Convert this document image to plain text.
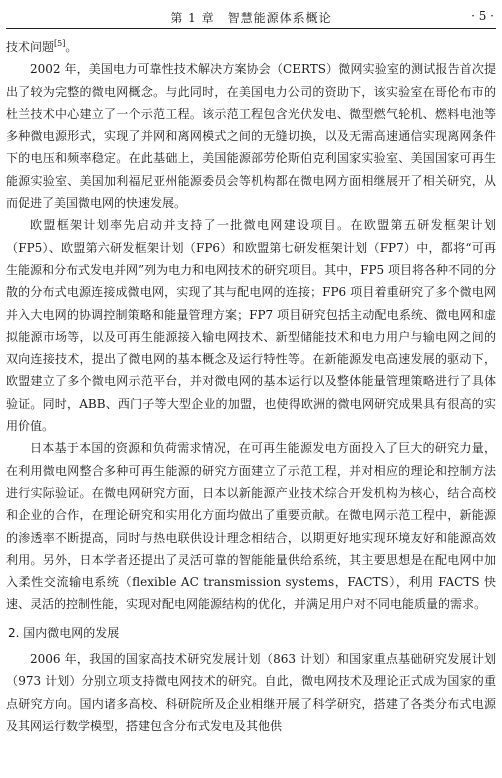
第 1 章　智慧能源体系概论	· 5 ·

技术问题[5]。

2002 年，美国电力可靠性技术解决方案协会（CERTS）微网实验室的测试报告首次提出了较为完整的微电网概念。与此同时，在美国电力公司的资助下，该实验室在哥伦布市的杜兰技术中心建立了一个示范工程。该示范工程包含光伏发电、微型燃气轮机、燃料电池等多种微电源形式，实现了并网和离网模式之间的无缝切换，以及无需高速通信实现离网条件下的电压和频率稳定。在此基础上，美国能源部劳伦斯伯克利国家实验室、美国国家可再生能源实验室、美国加利福尼亚州能源委员会等机构都在微电网方面相继展开了相关研究，从而促进了美国微电网的快速发展。

欧盟框架计划率先启动并支持了一批微电网建设项目。在欧盟第五研发框架计划（FP5）、欧盟第六研发框架计划（FP6）和欧盟第七研发框架计划（FP7）中，都将“可再生能源和分布式发电并网”列为电力和电网技术的研究项目。其中，FP5 项目将各种不同的分散的分布式电源连接成微电网，实现了其与配电网的连接；FP6 项目着重研究了多个微电网并入大电网的协调控制策略和能量管理方案；FP7 项目研究包括主动配电系统、微电网和虚拟能源市场等，以及可再生能源接入输电网技术、新型储能技术和电力用户与输电网之间的双向连接技术，提出了微电网的基本概念及运行特性等。在新能源发电高速发展的驱动下，欧盟建立了多个微电网示范平台，并对微电网的基本运行以及整体能量管理策略进行了具体验证。同时，ABB、西门子等大型企业的加盟，也使得欧洲的微电网研究成果具有很高的实用价值。

日本基于本国的资源和负荷需求情况，在可再生能源发电方面投入了巨大的研究力量，在利用微电网整合多种可再生能源的研究方面建立了示范工程，并对相应的理论和控制方法进行实际验证。在微电网研究方面，日本以新能源产业技术综合开发机构为核心，结合高校和企业的合作，在理论研究和实用化方面均做出了重要贡献。在微电网示范工程中，新能源的渗透率不断提高，同时与热电联供设计理念相结合，以期更好地实现环境友好和能源高效利用。另外，日本学者还提出了灵活可靠的智能能量供给系统，其主要思想是在配电网中加入柔性交流输电系统（flexible AC transmission systems，FACTS），利用 FACTS 快速、灵活的控制性能，实现对配电网能源结构的优化，并满足用户对不同电能质量的需求。

2. 国内微电网的发展

2006 年，我国的国家高技术研究发展计划（863 计划）和国家重点基础研究发展计划（973 计划）分别立项支持微电网技术的研究。自此，微电网技术及理论正式成为国家的重点研究方向。国内诸多高校、科研院所及企业相继开展了科学研究，搭建了各类分布式电源及其网运行数学模型，搭建包含分布式发电及其他供
